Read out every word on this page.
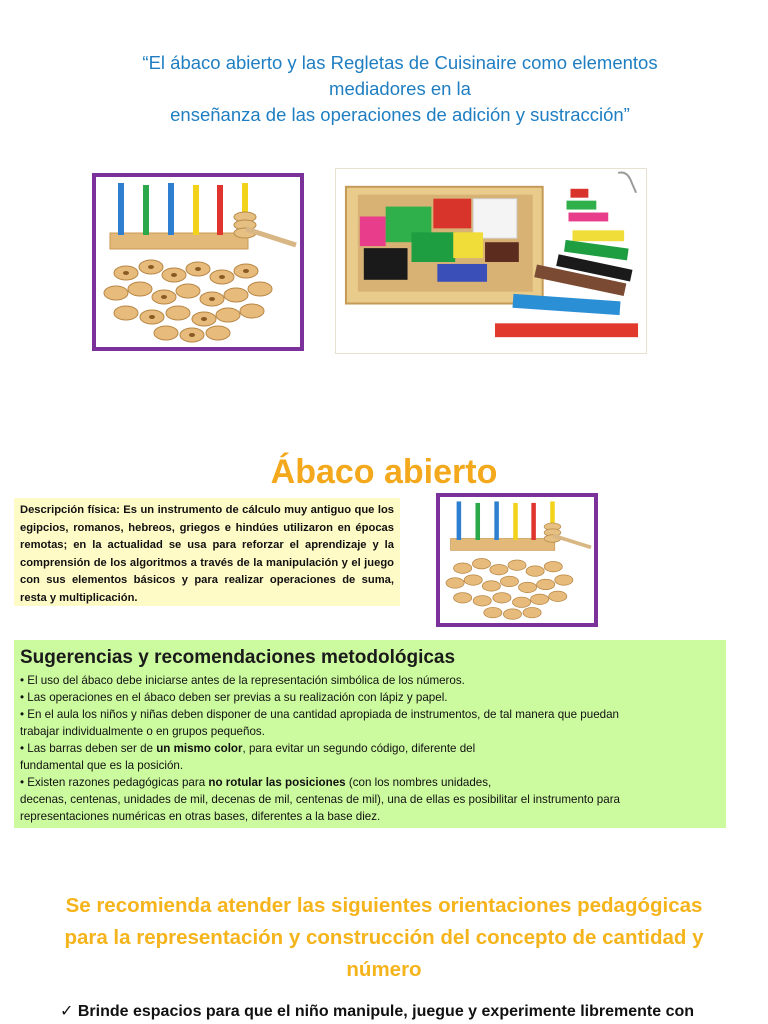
“El ábaco abierto y las Regletas de Cuisinaire como elementos
mediadores en la
enseñanza de las operaciones de adición y sustracción”
Ábaco abierto
Descripción física: Es un instrumento de cálculo muy antiguo que los egipcios, romanos, hebreos, griegos e hindúes utilizaron en épocas remotas; en la actualidad se usa para reforzar el aprendizaje y la comprensión de los algoritmos a través de la manipulación y el juego con sus elementos básicos y para realizar operaciones de suma, resta y multiplicación.
Sugerencias y recomendaciones metodológicas
• El uso del ábaco debe iniciarse antes de la representación simbólica de los números.
• Las operaciones en el ábaco deben ser previas a su realización con lápiz y papel.
• En el aula los niños y niñas deben disponer de una cantidad apropiada de instrumentos, de tal manera que puedan
trabajar individualmente o en grupos pequeños.
• Las barras deben ser de un mismo color, para evitar un segundo código, diferente del
fundamental que es la posición.
• Existen razones pedagógicas para no rotular las posiciones (con los nombres unidades,
decenas, centenas, unidades de mil, decenas de mil, centenas de mil), una de ellas es posibilitar el instrumento para
representaciones numéricas en otras bases, diferentes a la base diez.
Se recomienda atender las siguientes orientaciones pedagógicas
para la representación y construcción del concepto de cantidad y
número
✓ Brinde espacios para que el niño manipule, juegue y experimente libremente con
